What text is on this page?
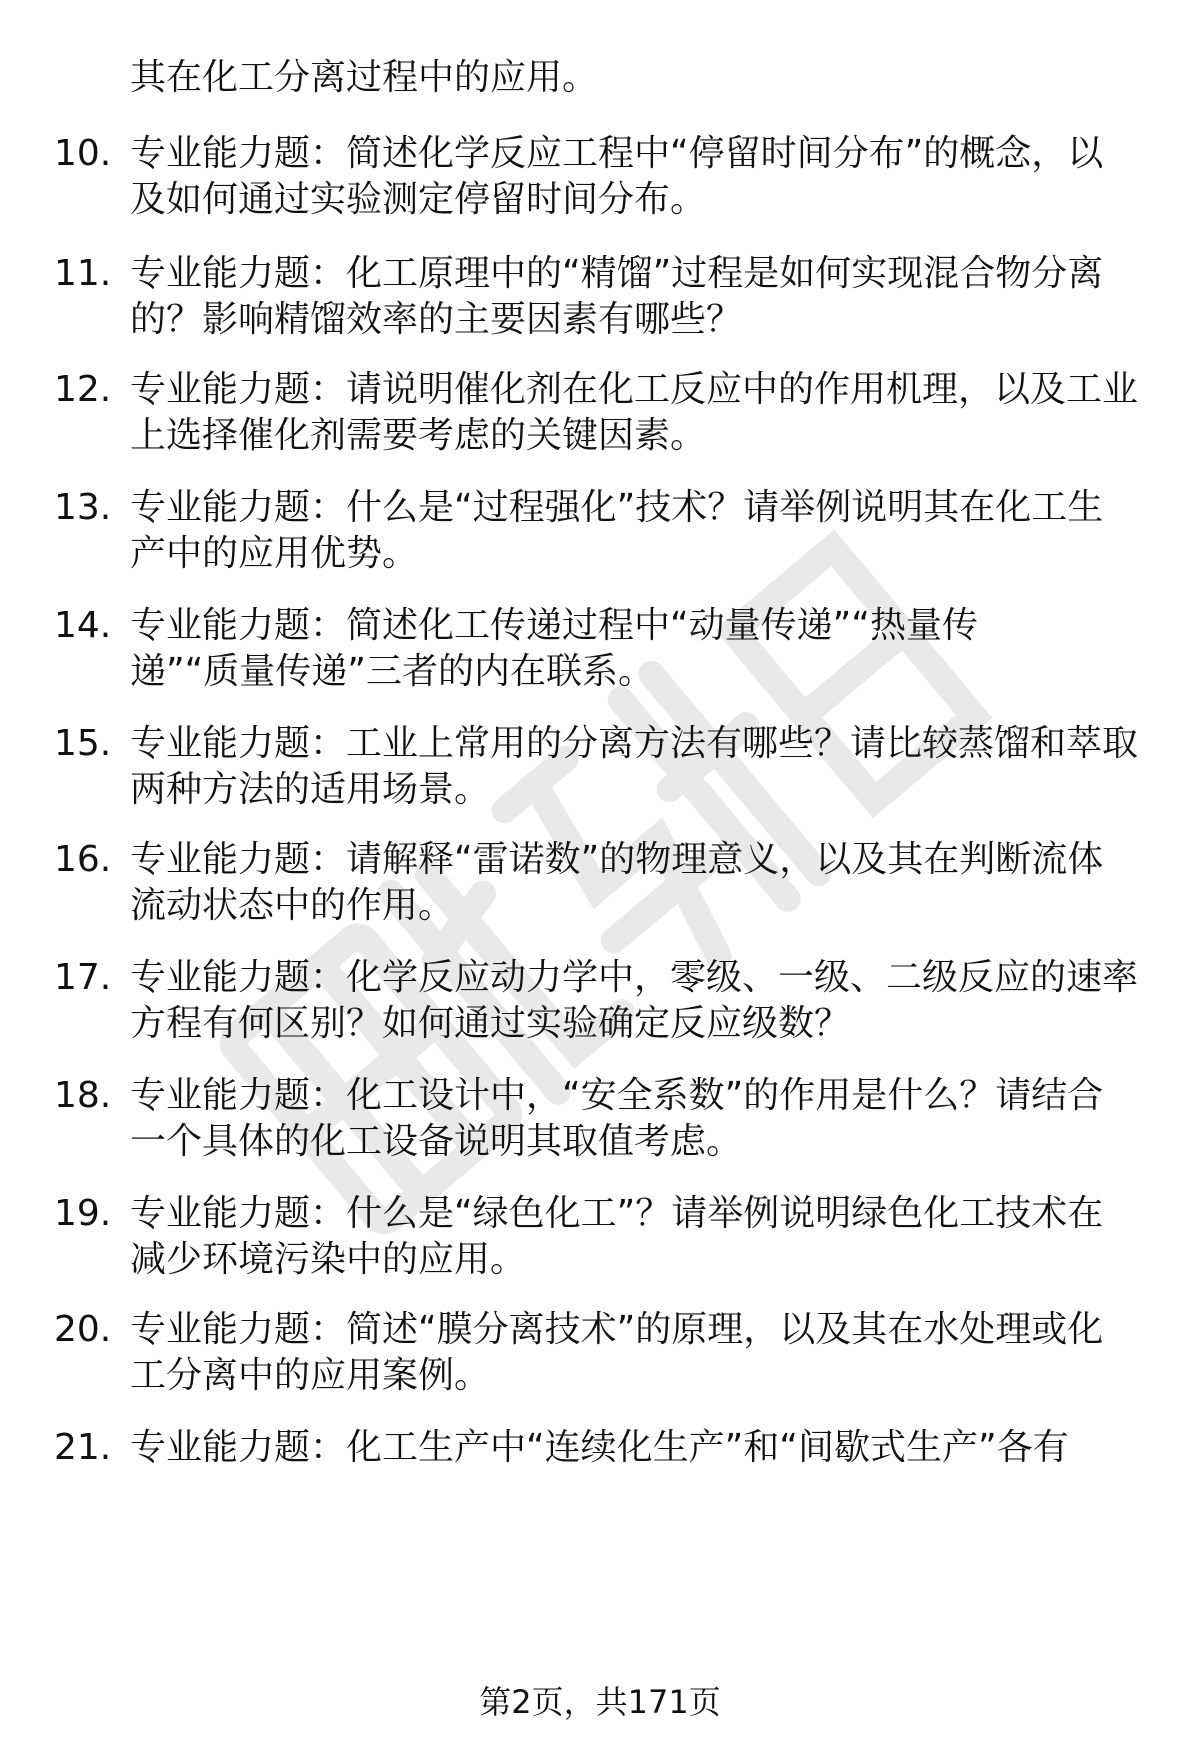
其在化工分离过程中的应用。
10. 专业能力题：简述化学反应工程中“停留时间分布”的概念，以
及如何通过实验测定停留时间分布。
11. 专业能力题：化工原理中的“精馏”过程是如何实现混合物分离
的？影响精馏效率的主要因素有哪些？
12. 专业能力题：请说明催化剂在化工反应中的作用机理，以及工业
上选择催化剂需要考虑的关键因素。
13. 专业能力题：什么是“过程强化”技术？请举例说明其在化工生
产中的应用优势。
14. 专业能力题：简述化工传递过程中“动量传递”“热量传
递”“质量传递”三者的内在联系。
15. 专业能力题：工业上常用的分离方法有哪些？请比较蒸馏和萃取
两种方法的适用场景。
16. 专业能力题：请解释“雷诺数”的物理意义，以及其在判断流体
流动状态中的作用。
17. 专业能力题：化学反应动力学中，零级、一级、二级反应的速率
方程有何区别？如何通过实验确定反应级数？
18. 专业能力题：化工设计中，“安全系数”的作用是什么？请结合
一个具体的化工设备说明其取值考虑。
19. 专业能力题：什么是“绿色化工”？请举例说明绿色化工技术在
减少环境污染中的应用。
20. 专业能力题：简述“膜分离技术”的原理，以及其在水处理或化
工分离中的应用案例。
21. 专业能力题：化工生产中“连续化生产”和“间歇式生产”各有
第2页，共171页
